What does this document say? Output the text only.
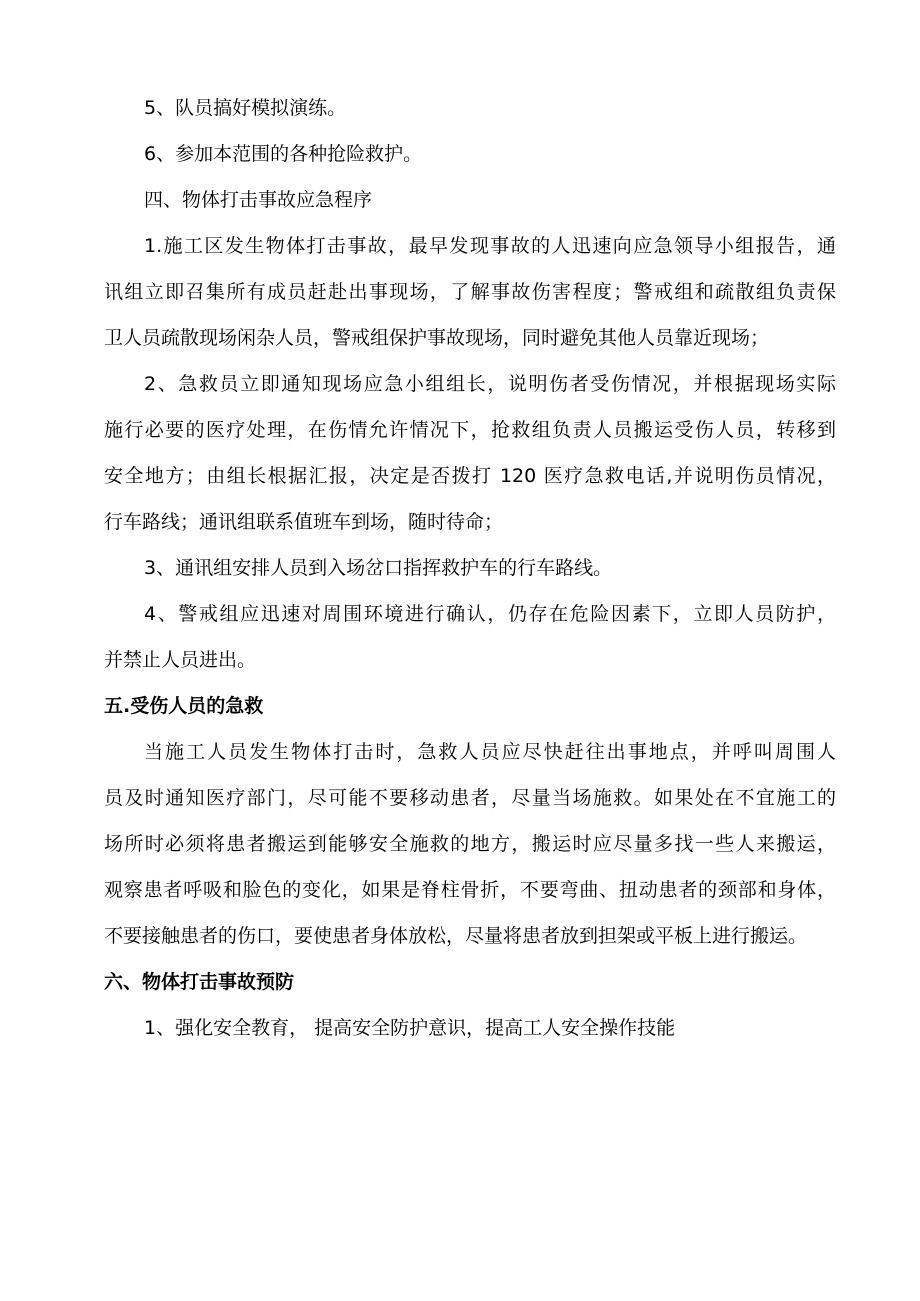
5、队员搞好模拟演练。
6、参加本范围的各种抢险救护。
四、物体打击事故应急程序
1.施工区发生物体打击事故，最早发现事故的人迅速向应急领导小组报告，通
讯组立即召集所有成员赶赴出事现场，了解事故伤害程度；警戒组和疏散组负责保
卫人员疏散现场闲杂人员，警戒组保护事故现场，同时避免其他人员靠近现场；
2、急救员立即通知现场应急小组组长，说明伤者受伤情况，并根据现场实际
施行必要的医疗处理，在伤情允许情况下，抢救组负责人员搬运受伤人员，转移到
安全地方；由组长根据汇报，决定是否拨打 120 医疗急救电话,并说明伤员情况，
行车路线；通讯组联系值班车到场，随时待命；
3、通讯组安排人员到入场岔口指挥救护车的行车路线。
4、警戒组应迅速对周围环境进行确认，仍存在危险因素下，立即人员防护，
并禁止人员进出。
五.受伤人员的急救
当施工人员发生物体打击时，急救人员应尽快赶往出事地点，并呼叫周围人
员及时通知医疗部门，尽可能不要移动患者，尽量当场施救。如果处在不宜施工的
场所时必须将患者搬运到能够安全施救的地方，搬运时应尽量多找一些人来搬运，
观察患者呼吸和脸色的变化，如果是脊柱骨折，不要弯曲、扭动患者的颈部和身体，
不要接触患者的伤口，要使患者身体放松，尽量将患者放到担架或平板上进行搬运。
六、物体打击事故预防
1、强化安全教育， 提高安全防护意识，提高工人安全操作技能
